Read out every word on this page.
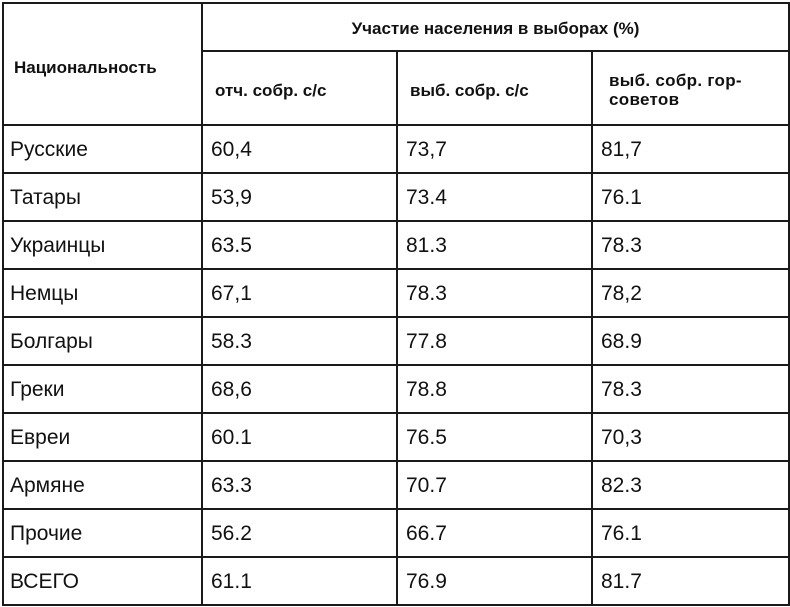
Национальность	Участие населения в выборах (%)		
	отч. собр. с/с	выб. собр. с/с	выб. собр. гор-
советов
Русские	60,4	73,7	81,7
Татары	53,9	73.4	76.1
Украинцы	63.5	81.3	78.3
Немцы	67,1	78.3	78,2
Болгары	58.3	77.8	68.9
Греки	68,6	78.8	78.3
Евреи	60.1	76.5	70,3
Армяне	63.3	70.7	82.3
Прочие	56.2	66.7	76.1
ВСЕГО	61.1	76.9	81.7
